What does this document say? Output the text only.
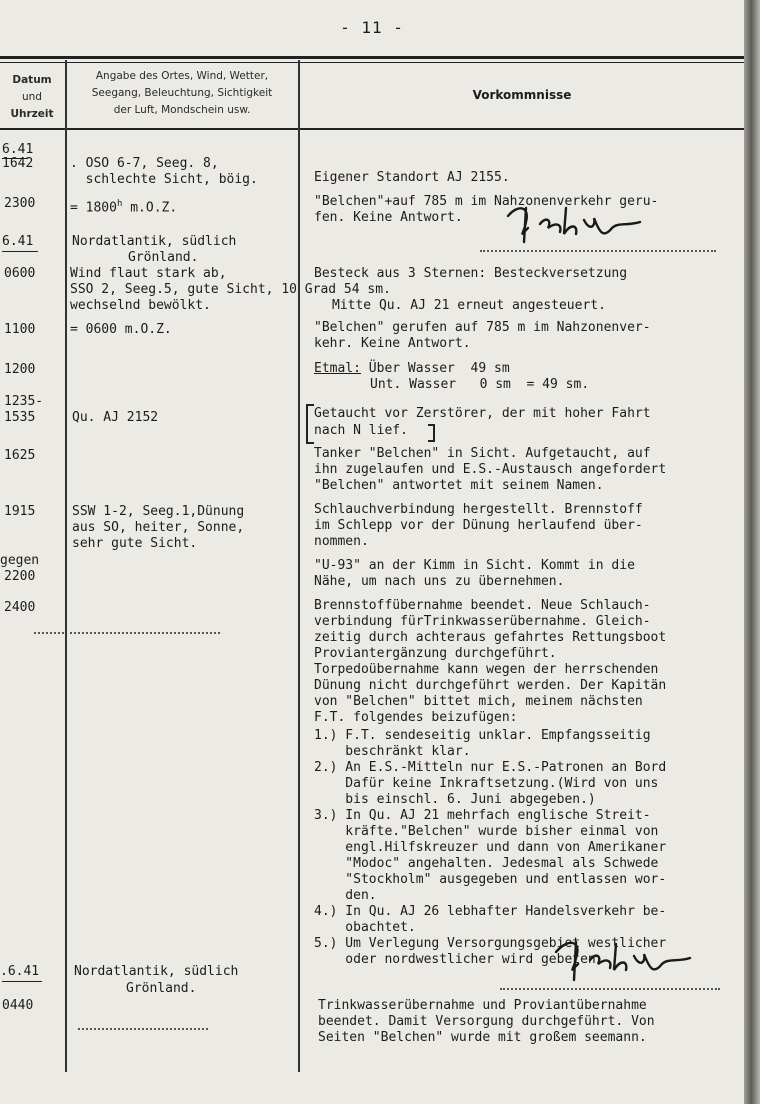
- 11 -
Datum
und
Uhrzeit
Angabe des Ortes, Wind, Wetter,
Seegang, Beleuchtung, Sichtigkeit
der Luft, Mondschein usw.
Vorkommnisse
6.41
1642
2300
6.41
0600
1100
1200
1235-
1535
1625
1915
gegen
2200
2400
.6.41
0440
. OSO 6-7, Seeg. 8,
schlechte Sicht, böig.
= $1800^h$ m.O.Z.
Nordatlantik, südlich
Grönland.
Wind flaut stark ab,
SSO 2, Seeg.5, gute Sicht, 10 Grad 54 sm.
wechselnd bewölkt.
= 0600 m.O.Z.
Qu. AJ 2152
SSW 1-2, Seeg.1,Dünung
aus SO, heiter, Sonne,
sehr gute Sicht.
Nordatlantik, südlich
Grönland.
Eigener Standort AJ 2155.
"Belchen"+auf 785 m im Nahzonenverkehr geru-
fen. Keine Antwort.
Besteck aus 3 Sternen: Besteckversetzung
Mitte Qu. AJ 21 erneut angesteuert.
"Belchen" gerufen auf 785 m im Nahzonenver-
kehr. Keine Antwort.
Etmal: Über Wasser  49 sm
Unt. Wasser   0 sm  = 49 sm.
Getaucht vor Zerstörer, der mit hoher Fahrt
nach N lief.
Tanker "Belchen" in Sicht. Aufgetaucht, auf
ihn zugelaufen und E.S.-Austausch angefordert
"Belchen" antwortet mit seinem Namen.
Schlauchverbindung hergestellt. Brennstoff
im Schlepp vor der Dünung herlaufend über-
nommen.
"U-93" an der Kimm in Sicht. Kommt in die
Nähe, um nach uns zu übernehmen.
Brennstoffübernahme beendet. Neue Schlauch-
verbindung fürTrinkwasserübernahme. Gleich-
zeitig durch achteraus gefahrtes Rettungsboot
Proviantergänzung durchgeführt.
Torpedoübernahme kann wegen der herrschenden
Dünung nicht durchgeführt werden. Der Kapitän
von "Belchen" bittet mich, meinem nächsten
F.T. folgendes beizufügen:
1.) F.T. sendeseitig unklar. Empfangsseitig
beschränkt klar.
2.) An E.S.-Mitteln nur E.S.-Patronen an Bord
Dafür keine Inkraftsetzung.(Wird von uns
bis einschl. 6. Juni abgegeben.)
3.) In Qu. AJ 21 mehrfach englische Streit-
kräfte."Belchen" wurde bisher einmal von
engl.Hilfskreuzer und dann von Amerikaner
"Modoc" angehalten. Jedesmal als Schwede
"Stockholm" ausgegeben und entlassen wor-
den.
4.) In Qu. AJ 26 lebhafter Handelsverkehr be-
obachtet.
5.) Um Verlegung Versorgungsgebiet westlicher
oder nordwestlicher wird gebeten.
Trinkwasserübernahme und Proviantübernahme
beendet. Damit Versorgung durchgeführt. Von
Seiten "Belchen" wurde mit großem seemann.
